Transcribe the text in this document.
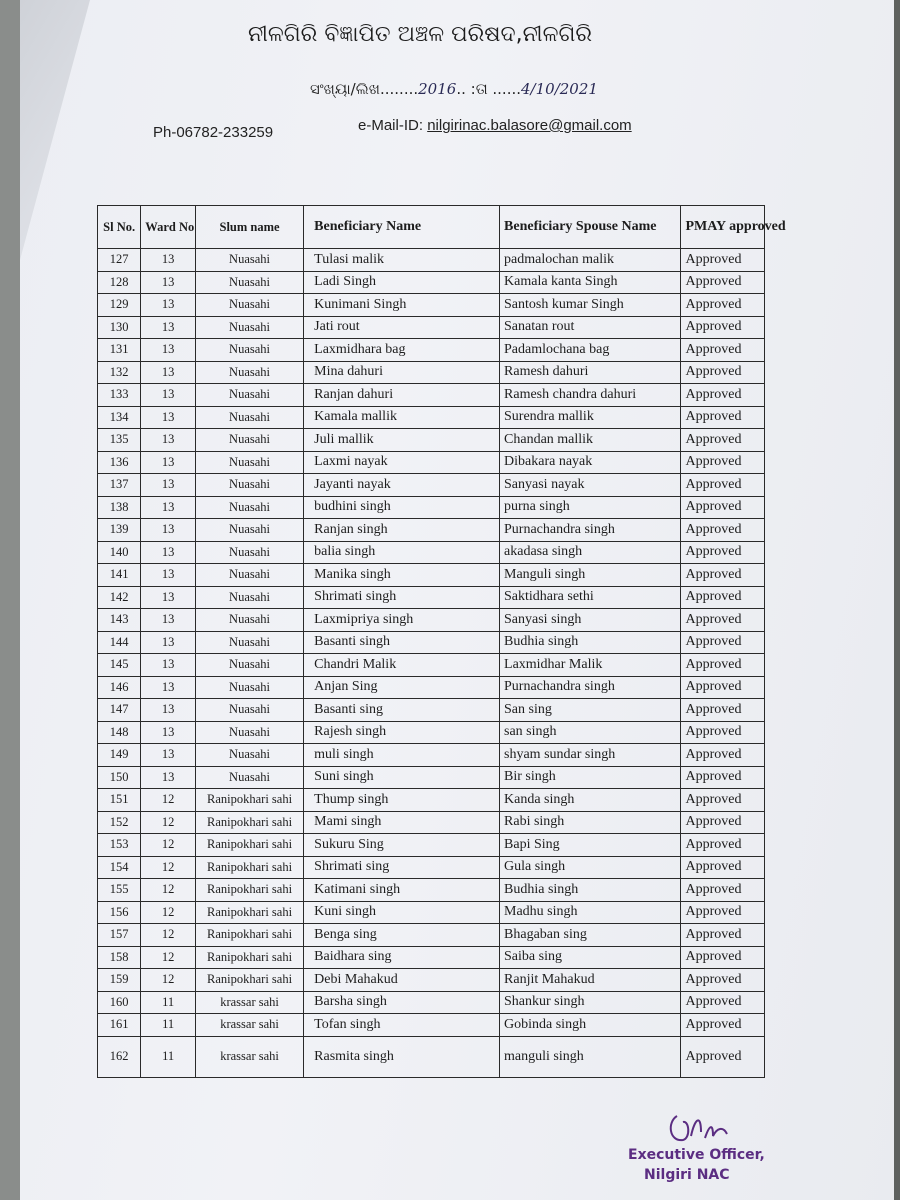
ନୀଳଗିରି ବିଜ୍ଞାପିତ ଅଞ୍ଚଳ ପରିଷଦ,ନୀଳଗିରି
ସଂଖ୍ୟା/ଲିଖ........2016.. :ତା ......4/10/2021
Ph-06782-233259	e-Mail-ID: nilgirinac.balasore@gmail.com
Sl No.	Ward No	Slum name	Beneficiary Name	Beneficiary Spouse Name	PMAY approved
127	13	Nuasahi	Tulasi malik	padmalochan malik	Approved
128	13	Nuasahi	Ladi Singh	Kamala kanta Singh	Approved
129	13	Nuasahi	Kunimani Singh	Santosh kumar Singh	Approved
130	13	Nuasahi	Jati rout	Sanatan rout	Approved
131	13	Nuasahi	Laxmidhara bag	Padamlochana bag	Approved
132	13	Nuasahi	Mina dahuri	Ramesh dahuri	Approved
133	13	Nuasahi	Ranjan dahuri	Ramesh chandra dahuri	Approved
134	13	Nuasahi	Kamala mallik	Surendra mallik	Approved
135	13	Nuasahi	Juli mallik	Chandan mallik	Approved
136	13	Nuasahi	Laxmi nayak	Dibakara nayak	Approved
137	13	Nuasahi	Jayanti nayak	Sanyasi nayak	Approved
138	13	Nuasahi	budhini singh	purna singh	Approved
139	13	Nuasahi	Ranjan singh	Purnachandra singh	Approved
140	13	Nuasahi	balia singh	akadasa singh	Approved
141	13	Nuasahi	Manika singh	Manguli singh	Approved
142	13	Nuasahi	Shrimati singh	Saktidhara sethi	Approved
143	13	Nuasahi	Laxmipriya singh	Sanyasi singh	Approved
144	13	Nuasahi	Basanti singh	Budhia singh	Approved
145	13	Nuasahi	Chandri Malik	Laxmidhar Malik	Approved
146	13	Nuasahi	Anjan Sing	Purnachandra singh	Approved
147	13	Nuasahi	Basanti sing	San sing	Approved
148	13	Nuasahi	Rajesh singh	san singh	Approved
149	13	Nuasahi	muli singh	shyam sundar singh	Approved
150	13	Nuasahi	Suni singh	Bir singh	Approved
151	12	Ranipokhari sahi	Thump singh	Kanda singh	Approved
152	12	Ranipokhari sahi	Mami singh	Rabi singh	Approved
153	12	Ranipokhari sahi	Sukuru Sing	Bapi Sing	Approved
154	12	Ranipokhari sahi	Shrimati sing	Gula singh	Approved
155	12	Ranipokhari sahi	Katimani singh	Budhia singh	Approved
156	12	Ranipokhari sahi	Kuni singh	Madhu singh	Approved
157	12	Ranipokhari sahi	Benga sing	Bhagaban sing	Approved
158	12	Ranipokhari sahi	Baidhara sing	Saiba sing	Approved
159	12	Ranipokhari sahi	Debi Mahakud	Ranjit Mahakud	Approved
160	11	krassar sahi	Barsha singh	Shankur singh	Approved
161	11	krassar sahi	Tofan singh	Gobinda singh	Approved
162	11	krassar sahi	Rasmita singh	manguli singh	Approved
Executive Officer,
Nilgiri NAC
